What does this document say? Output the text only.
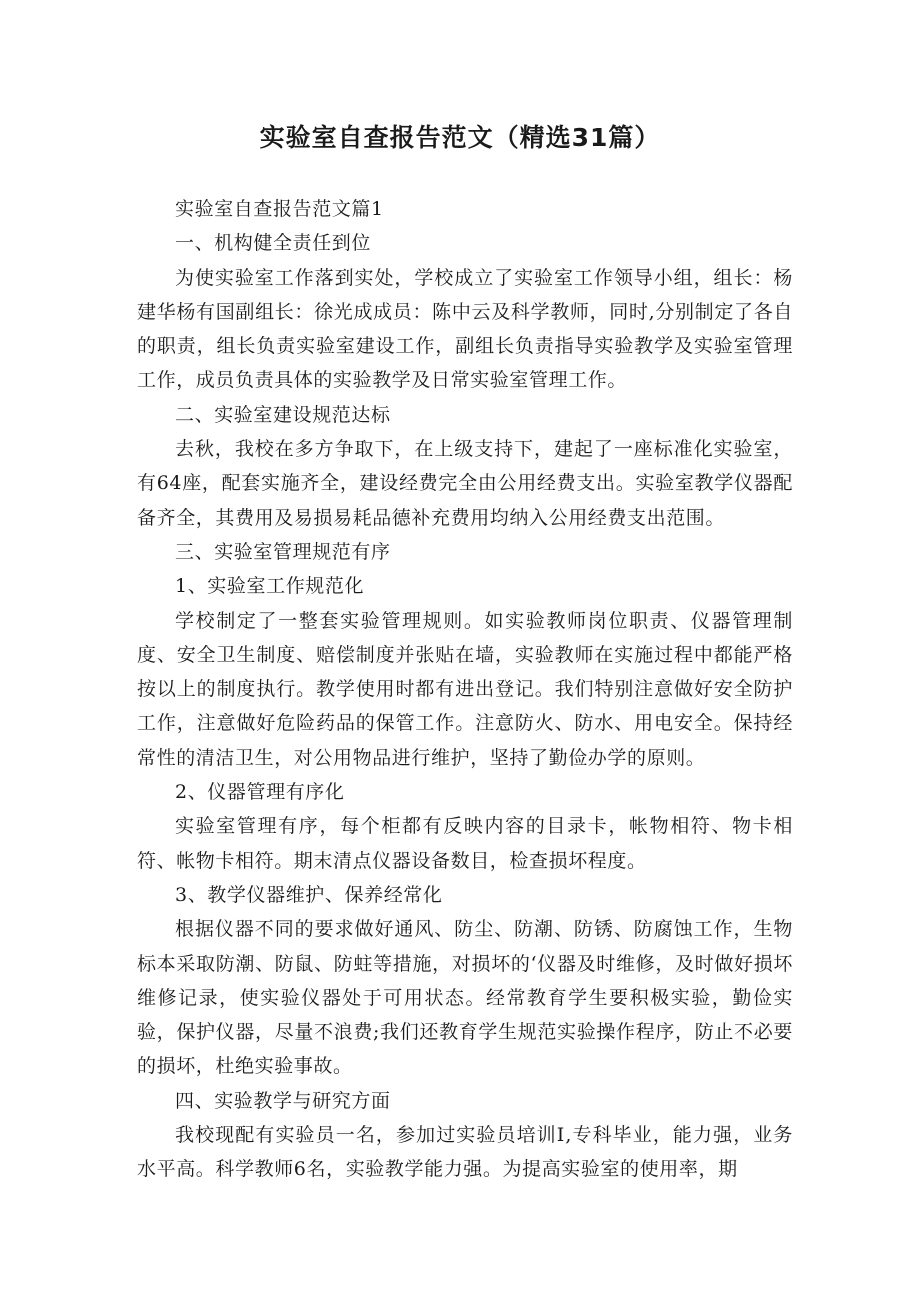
实验室自查报告范文（精选31篇）

实验室自查报告范文篇1

一、机构健全责任到位

为使实验室工作落到实处，学校成立了实验室工作领导小组，组长：杨建华杨有国副组长：徐光成成员：陈中云及科学教师，同时,分别制定了各自的职责，组长负责实验室建设工作，副组长负责指导实验教学及实验室管理工作，成员负责具体的实验教学及日常实验室管理工作。

二、实验室建设规范达标

去秋，我校在多方争取下，在上级支持下，建起了一座标准化实验室，有64座，配套实施齐全，建设经费完全由公用经费支出。实验室教学仪器配备齐全，其费用及易损易耗品德补充费用均纳入公用经费支出范围。

三、实验室管理规范有序

1、实验室工作规范化

学校制定了一整套实验管理规则。如实验教师岗位职责、仪器管理制度、安全卫生制度、赔偿制度并张贴在墙，实验教师在实施过程中都能严格按以上的制度执行。教学使用时都有进出登记。我们特别注意做好安全防护工作，注意做好危险药品的保管工作。注意防火、防水、用电安全。保持经常性的清洁卫生，对公用物品进行维护，坚持了勤俭办学的原则。

2、仪器管理有序化

实验室管理有序，每个柜都有反映内容的目录卡，帐物相符、物卡相符、帐物卡相符。期末清点仪器设备数目，检查损坏程度。

3、教学仪器维护、保养经常化

根据仪器不同的要求做好通风、防尘、防潮、防锈、防腐蚀工作，生物标本采取防潮、防鼠、防蛀等措施，对损坏的‘仪器及时维修，及时做好损坏维修记录，使实验仪器处于可用状态。经常教育学生要积极实验，勤俭实验，保护仪器，尽量不浪费;我们还教育学生规范实验操作程序，防止不必要的损坏，杜绝实验事故。

四、实验教学与研究方面

我校现配有实验员一名，参加过实验员培训Ⅰ,专科毕业，能力强，业务水平高。科学教师6名，实验教学能力强。为提高实验室的使用率，期
